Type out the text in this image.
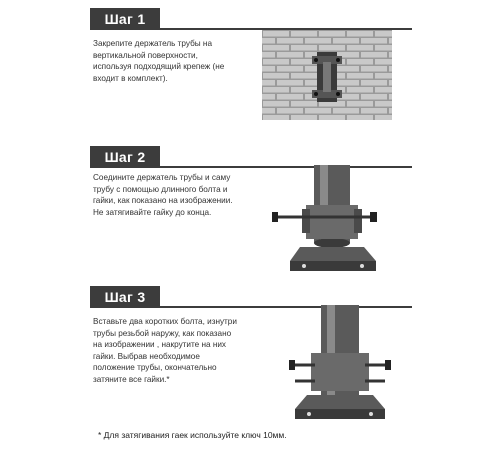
Шаг 1
Закрепите держатель трубы на
вертикальной поверхности,
используя подходящий крепеж (не
входит в комплект).
Шаг 2
Соедините держатель трубы и саму
трубу с помощью длинного болта и
гайки, как показано на изображении.
Не затягивайте гайку до конца.
Шаг 3
Вставьте два коротких болта, изнутри
трубы резьбой наружу, как показано
на изображении , накрутите на них
гайки. Выбрав необходимое
положение трубы, окончательно
затяните все гайки.*
* Для затягивания гаек используйте ключ 10мм.
